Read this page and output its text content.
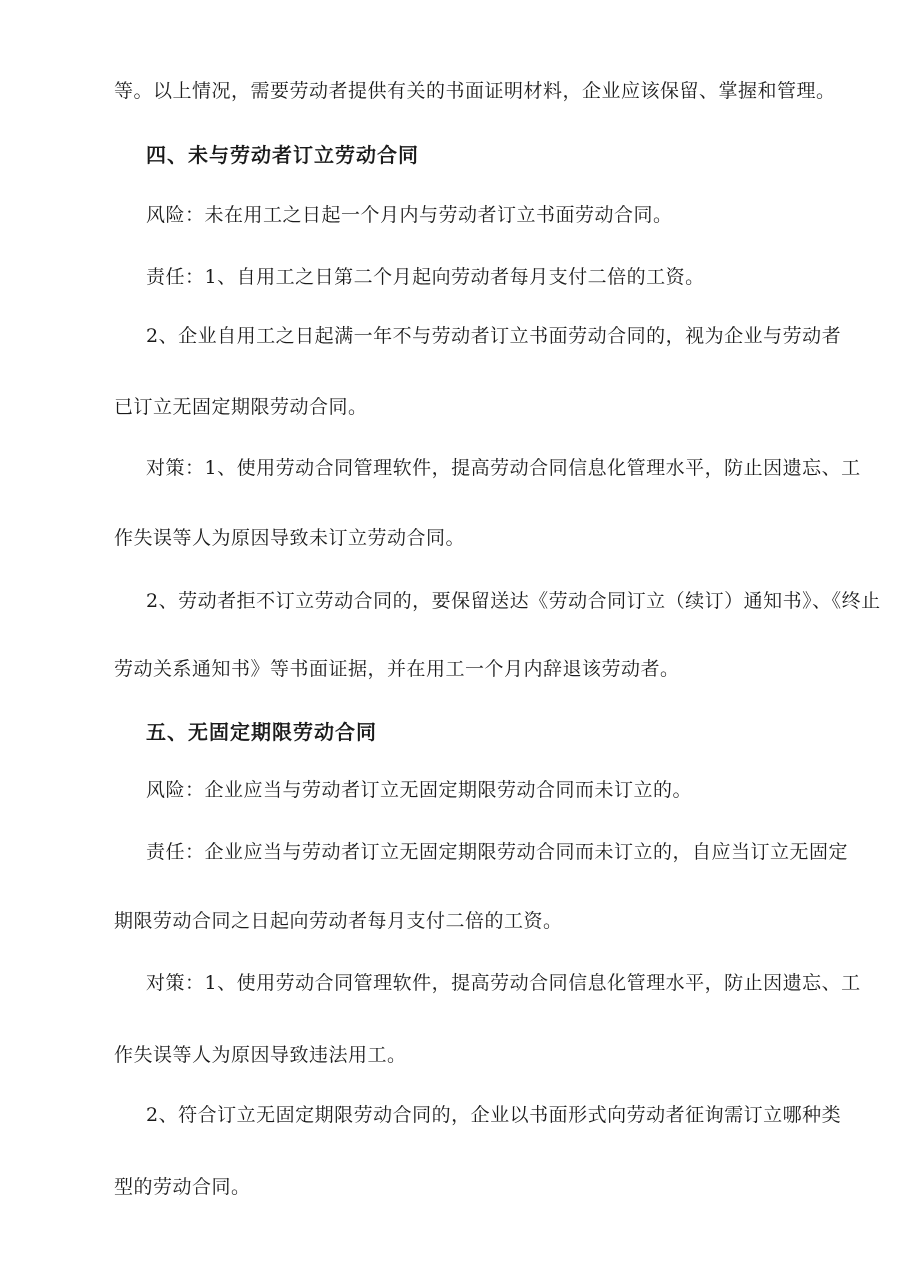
等。以上情况，需要劳动者提供有关的书面证明材料，企业应该保留、掌握和管理。
四、未与劳动者订立劳动合同
风险：未在用工之日起一个月内与劳动者订立书面劳动合同。
责任：1、自用工之日第二个月起向劳动者每月支付二倍的工资。
2、企业自用工之日起满一年不与劳动者订立书面劳动合同的，视为企业与劳动者
已订立无固定期限劳动合同。
对策：1、使用劳动合同管理软件，提高劳动合同信息化管理水平，防止因遗忘、工
作失误等人为原因导致未订立劳动合同。
2、劳动者拒不订立劳动合同的，要保留送达《劳动合同订立（续订）通知书》、《终止
劳动关系通知书》等书面证据，并在用工一个月内辞退该劳动者。
五、无固定期限劳动合同
风险：企业应当与劳动者订立无固定期限劳动合同而未订立的。
责任：企业应当与劳动者订立无固定期限劳动合同而未订立的，自应当订立无固定
期限劳动合同之日起向劳动者每月支付二倍的工资。
对策：1、使用劳动合同管理软件，提高劳动合同信息化管理水平，防止因遗忘、工
作失误等人为原因导致违法用工。
2、符合订立无固定期限劳动合同的，企业以书面形式向劳动者征询需订立哪种类
型的劳动合同。
